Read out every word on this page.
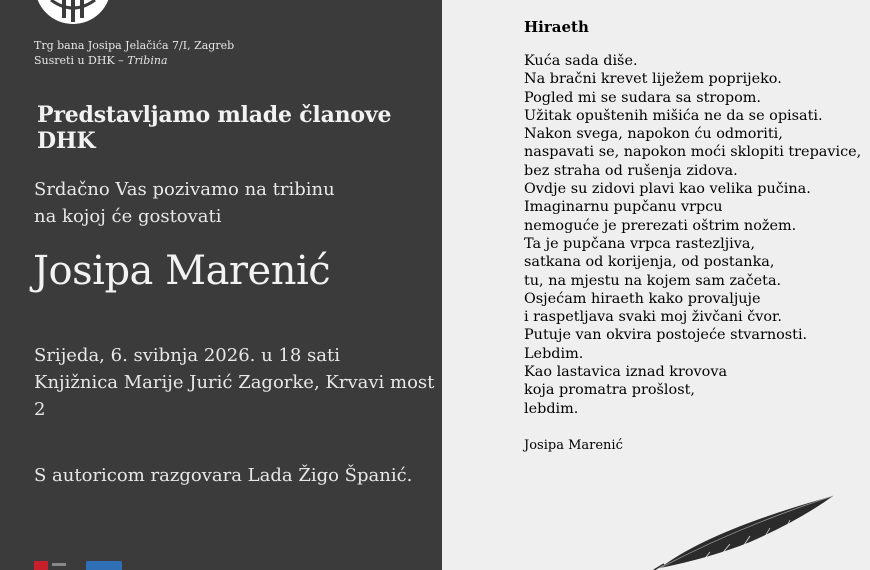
Trg bana Josipa Jelačića 7/I, Zagreb
Susreti u DHK – Tribina
Predstavljamo mlade članove DHK
Srdačno Vas pozivamo na tribinu
na kojoj će gostovati
Josipa Marenić
Srijeda, 6. svibnja 2026. u 18 sati
Knjižnica Marije Jurić Zagorke, Krvavi most 2
S autoricom razgovara Lada Žigo Španić.
Hiraeth
Kuća sada diše.
Na bračni krevet liježem poprijeko.
Pogled mi se sudara sa stropom.
Užitak opuštenih mišića ne da se opisati.
Nakon svega, napokon ću odmoriti,
naspavati se, napokon moći sklopiti trepavice,
bez straha od rušenja zidova.
Ovdje su zidovi plavi kao velika pučina.
Imaginarnu pupčanu vrpcu
nemoguće je prerezati oštrim nožem.
Ta je pupčana vrpca rastezljiva,
satkana od korijenja, od postanka,
tu, na mjestu na kojem sam začeta.
Osjećam hiraeth kako provaljuje
i raspetljava svaki moj živčani čvor.
Putuje van okvira postojeće stvarnosti.
Lebdim.
Kao lastavica iznad krovova
koja promatra prošlost,
lebdim.
Josipa Marenić
